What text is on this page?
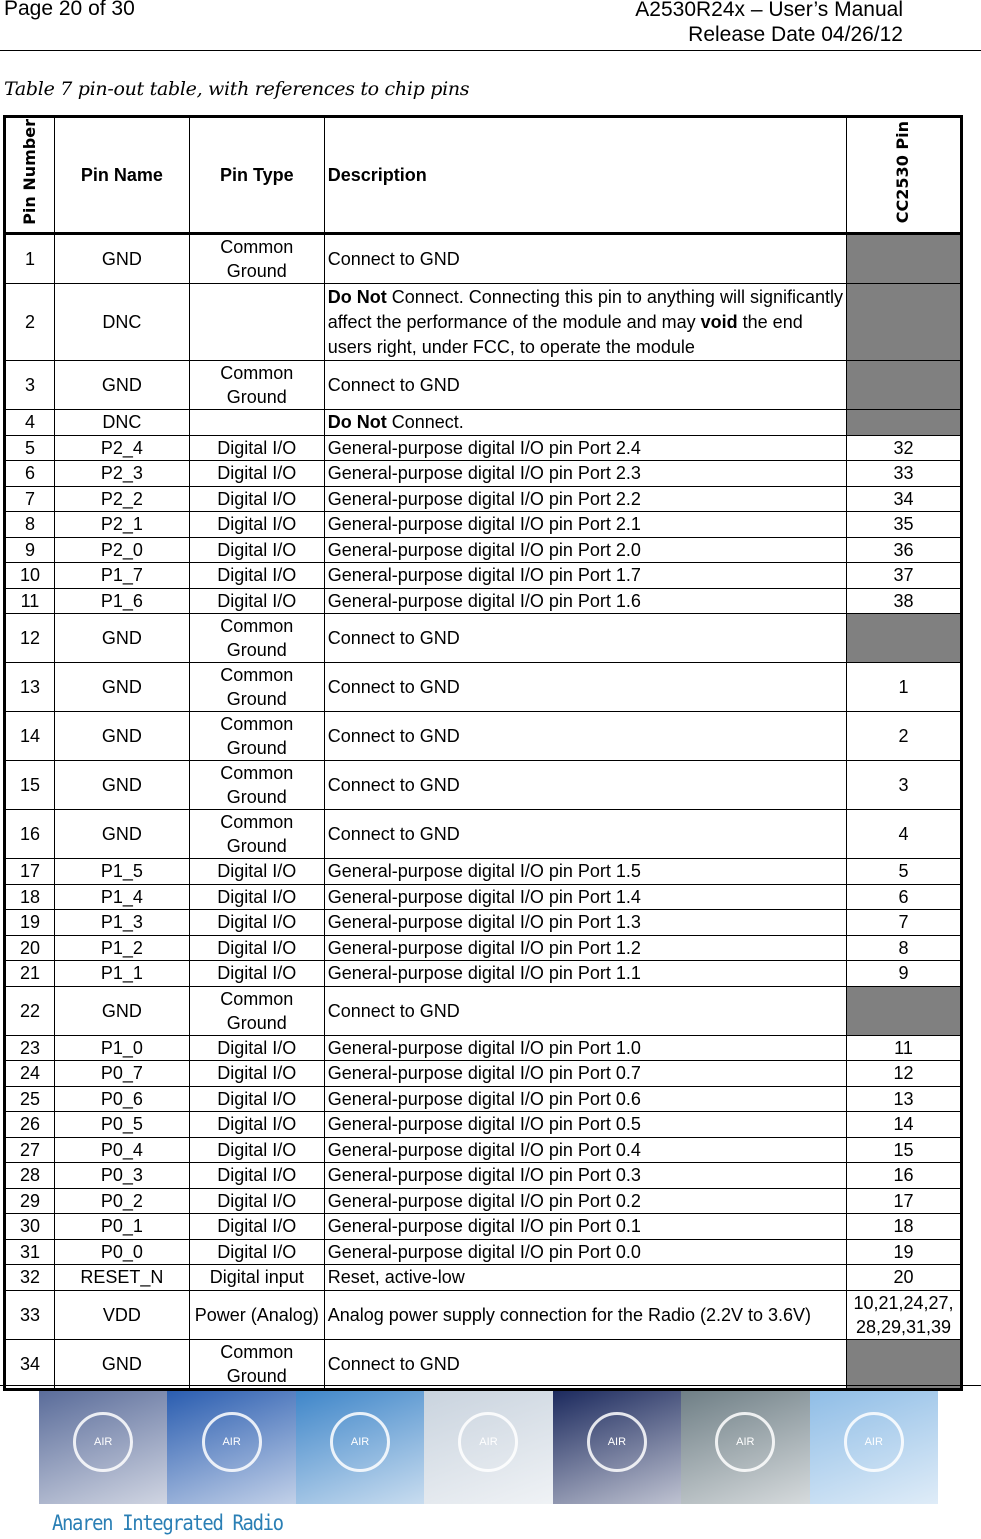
Page 20 of 30	A2530R24x – User’s Manual
Release Date 04/26/12
Table 7 pin-out table, with references to chip pins
Pin Number	Pin Name	Pin Type	Description	CC2530 Pin
1	GND	Common Ground	Connect to GND	
2	DNC		Do Not Connect. Connecting this pin to anything will significantly affect the performance of the module and may void the end users right, under FCC, to operate the module	
3	GND	Common Ground	Connect to GND	
4	DNC		Do Not Connect.	
5	P2_4	Digital I/O	General-purpose digital I/O pin Port 2.4	32
6	P2_3	Digital I/O	General-purpose digital I/O pin Port 2.3	33
7	P2_2	Digital I/O	General-purpose digital I/O pin Port 2.2	34
8	P2_1	Digital I/O	General-purpose digital I/O pin Port 2.1	35
9	P2_0	Digital I/O	General-purpose digital I/O pin Port 2.0	36
10	P1_7	Digital I/O	General-purpose digital I/O pin Port 1.7	37
11	P1_6	Digital I/O	General-purpose digital I/O pin Port 1.6	38
12	GND	Common Ground	Connect to GND	
13	GND	Common Ground	Connect to GND	1
14	GND	Common Ground	Connect to GND	2
15	GND	Common Ground	Connect to GND	3
16	GND	Common Ground	Connect to GND	4
17	P1_5	Digital I/O	General-purpose digital I/O pin Port 1.5	5
18	P1_4	Digital I/O	General-purpose digital I/O pin Port 1.4	6
19	P1_3	Digital I/O	General-purpose digital I/O pin Port 1.3	7
20	P1_2	Digital I/O	General-purpose digital I/O pin Port 1.2	8
21	P1_1	Digital I/O	General-purpose digital I/O pin Port 1.1	9
22	GND	Common Ground	Connect to GND	
23	P1_0	Digital I/O	General-purpose digital I/O pin Port 1.0	11
24	P0_7	Digital I/O	General-purpose digital I/O pin Port 0.7	12
25	P0_6	Digital I/O	General-purpose digital I/O pin Port 0.6	13
26	P0_5	Digital I/O	General-purpose digital I/O pin Port 0.5	14
27	P0_4	Digital I/O	General-purpose digital I/O pin Port 0.4	15
28	P0_3	Digital I/O	General-purpose digital I/O pin Port 0.3	16
29	P0_2	Digital I/O	General-purpose digital I/O pin Port 0.2	17
30	P0_1	Digital I/O	General-purpose digital I/O pin Port 0.1	18
31	P0_0	Digital I/O	General-purpose digital I/O pin Port 0.0	19
32	RESET_N	Digital input	Reset, active-low	20
33	VDD	Power (Analog)	Analog power supply connection for the Radio (2.2V to 3.6V)	10,21,24,27, 28,29,31,39
34	GND	Common Ground	Connect to GND	
AIR	AIR	AIR	AIR	AIR	AIR	AIR
Anaren Integrated Radio
